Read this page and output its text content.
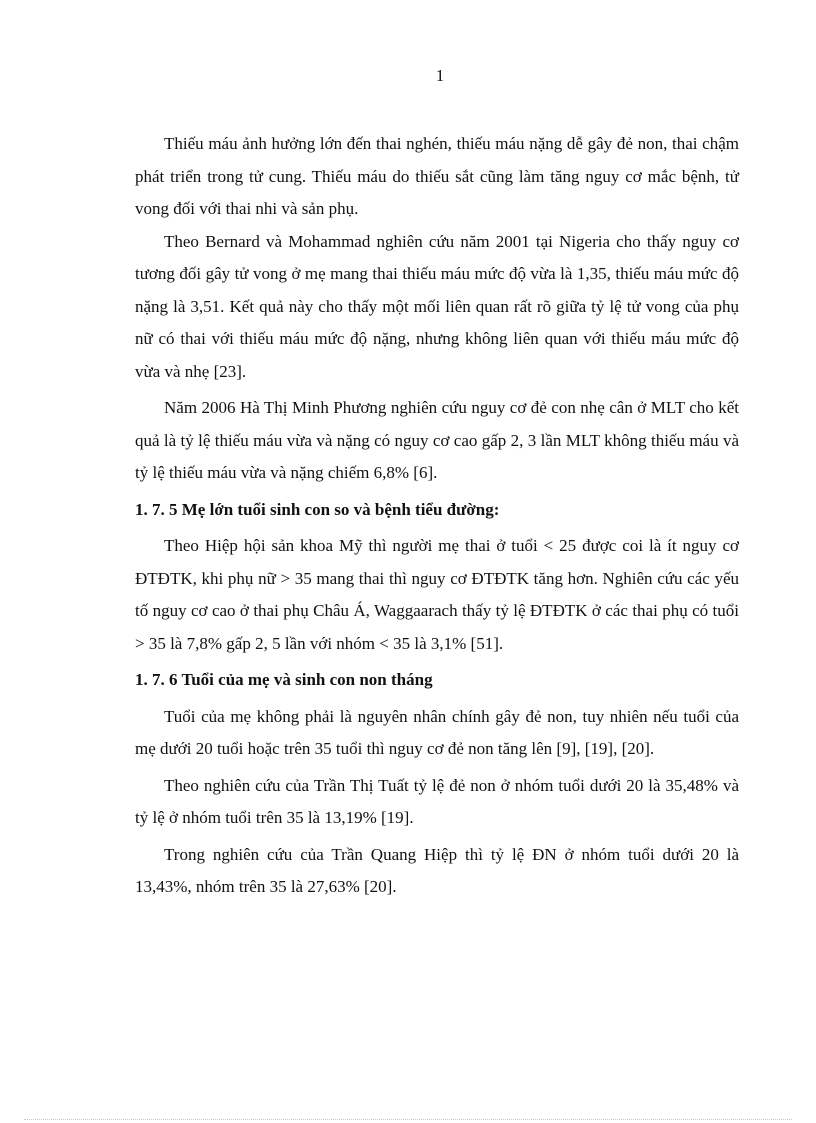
1

Thiếu máu ảnh hưởng lớn đến thai nghén, thiếu máu nặng dễ gây đẻ non, thai chậm phát triển trong tử cung. Thiếu máu do thiếu sắt cũng làm tăng nguy cơ mắc bệnh, tử vong đối với thai nhi và sản phụ.

Theo Bernard và Mohammad nghiên cứu năm 2001 tại Nigeria cho thấy nguy cơ tương đối gây tử vong ở mẹ mang thai thiếu máu mức độ vừa là 1,35, thiếu máu mức độ nặng là 3,51. Kết quả này cho thấy một mối liên quan rất rõ giữa tỷ lệ tử vong của phụ nữ có thai với thiếu máu mức độ nặng, nhưng không liên quan với thiếu máu mức độ vừa và nhẹ [23].

Năm 2006 Hà Thị Minh Phương nghiên cứu nguy cơ đẻ con nhẹ cân ở MLT cho kết quả là tỷ lệ thiếu máu vừa và nặng có nguy cơ cao gấp 2, 3 lần MLT không thiếu máu và tỷ lệ thiếu máu vừa và nặng chiếm 6,8% [6].

1. 7. 5 Mẹ lớn tuổi sinh con so và bệnh tiểu đường:

Theo Hiệp hội sản khoa Mỹ thì người mẹ thai ở tuổi < 25 được coi là ít nguy cơ ĐTĐTK, khi phụ nữ > 35 mang thai thì nguy cơ ĐTĐTK tăng hơn. Nghiên cứu các yếu tố nguy cơ cao ở thai phụ Châu Á, Waggaarach thấy tỷ lệ ĐTĐTK ở các thai phụ có tuổi > 35 là 7,8% gấp 2, 5 lần với nhóm < 35 là 3,1% [51].

1. 7. 6 Tuổi của mẹ và sinh con non tháng

Tuổi của mẹ không phải là nguyên nhân chính gây đẻ non, tuy nhiên nếu tuổi của mẹ dưới 20 tuổi hoặc trên 35 tuổi thì nguy cơ đẻ non tăng lên [9], [19], [20].

Theo nghiên cứu của Trần Thị Tuất tỷ lệ đẻ non ở nhóm tuổi dưới 20 là 35,48% và tỷ lệ ở nhóm tuổi trên 35 là 13,19% [19].

Trong nghiên cứu của Trần Quang Hiệp thì tỷ lệ ĐN ở nhóm tuổi dưới 20 là 13,43%, nhóm trên 35 là 27,63% [20].
